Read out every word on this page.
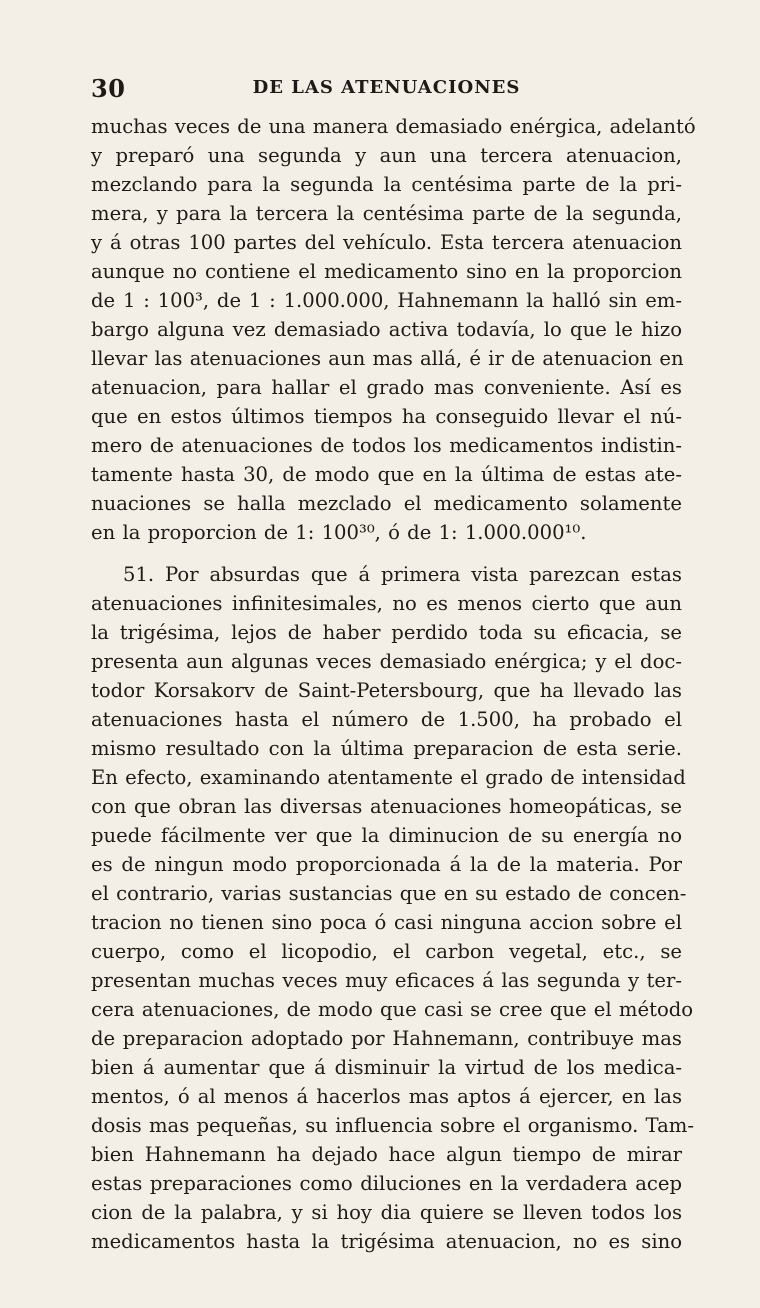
30	DE LAS ATENUACIONES
muchas veces de una manera demasiado enérgica, adelantó
y preparó una segunda y aun una tercera atenuacion,
mezclando para la segunda la centésima parte de la pri-
mera, y para la tercera la centésima parte de la segunda,
y á otras 100 partes del vehículo. Esta tercera atenuacion
aunque no contiene el medicamento sino en la proporcion
de 1 : 100³, de 1 : 1.000.000, Hahnemann la halló sin em-
bargo alguna vez demasiado activa todavía, lo que le hizo
llevar las atenuaciones aun mas allá, é ir de atenuacion en
atenuacion, para hallar el grado mas conveniente. Así es
que en estos últimos tiempos ha conseguido llevar el nú-
mero de atenuaciones de todos los medicamentos indistin-
tamente hasta 30, de modo que en la última de estas ate-
nuaciones se halla mezclado el medicamento solamente
en la proporcion de 1: 100³⁰, ó de 1: 1.000.000¹⁰.
51. Por absurdas que á primera vista parezcan estas
atenuaciones infinitesimales, no es menos cierto que aun
la trigésima, lejos de haber perdido toda su eficacia, se
presenta aun algunas veces demasiado enérgica; y el doc-
todor Korsakorv de Saint-Petersbourg, que ha llevado las
atenuaciones hasta el número de 1.500, ha probado el
mismo resultado con la última preparacion de esta serie.
En efecto, examinando atentamente el grado de intensidad
con que obran las diversas atenuaciones homeopáticas, se
puede fácilmente ver que la diminucion de su energía no
es de ningun modo proporcionada á la de la materia. Por
el contrario, varias sustancias que en su estado de concen-
tracion no tienen sino poca ó casi ninguna accion sobre el
cuerpo, como el licopodio, el carbon vegetal, etc., se
presentan muchas veces muy eficaces á las segunda y ter-
cera atenuaciones, de modo que casi se cree que el método
de preparacion adoptado por Hahnemann, contribuye mas
bien á aumentar que á disminuir la virtud de los medica-
mentos, ó al menos á hacerlos mas aptos á ejercer, en las
dosis mas pequeñas, su influencia sobre el organismo. Tam-
bien Hahnemann ha dejado hace algun tiempo de mirar
estas preparaciones como diluciones en la verdadera acep
cion de la palabra, y si hoy dia quiere se lleven todos los
medicamentos hasta la trigésima atenuacion, no es sino
